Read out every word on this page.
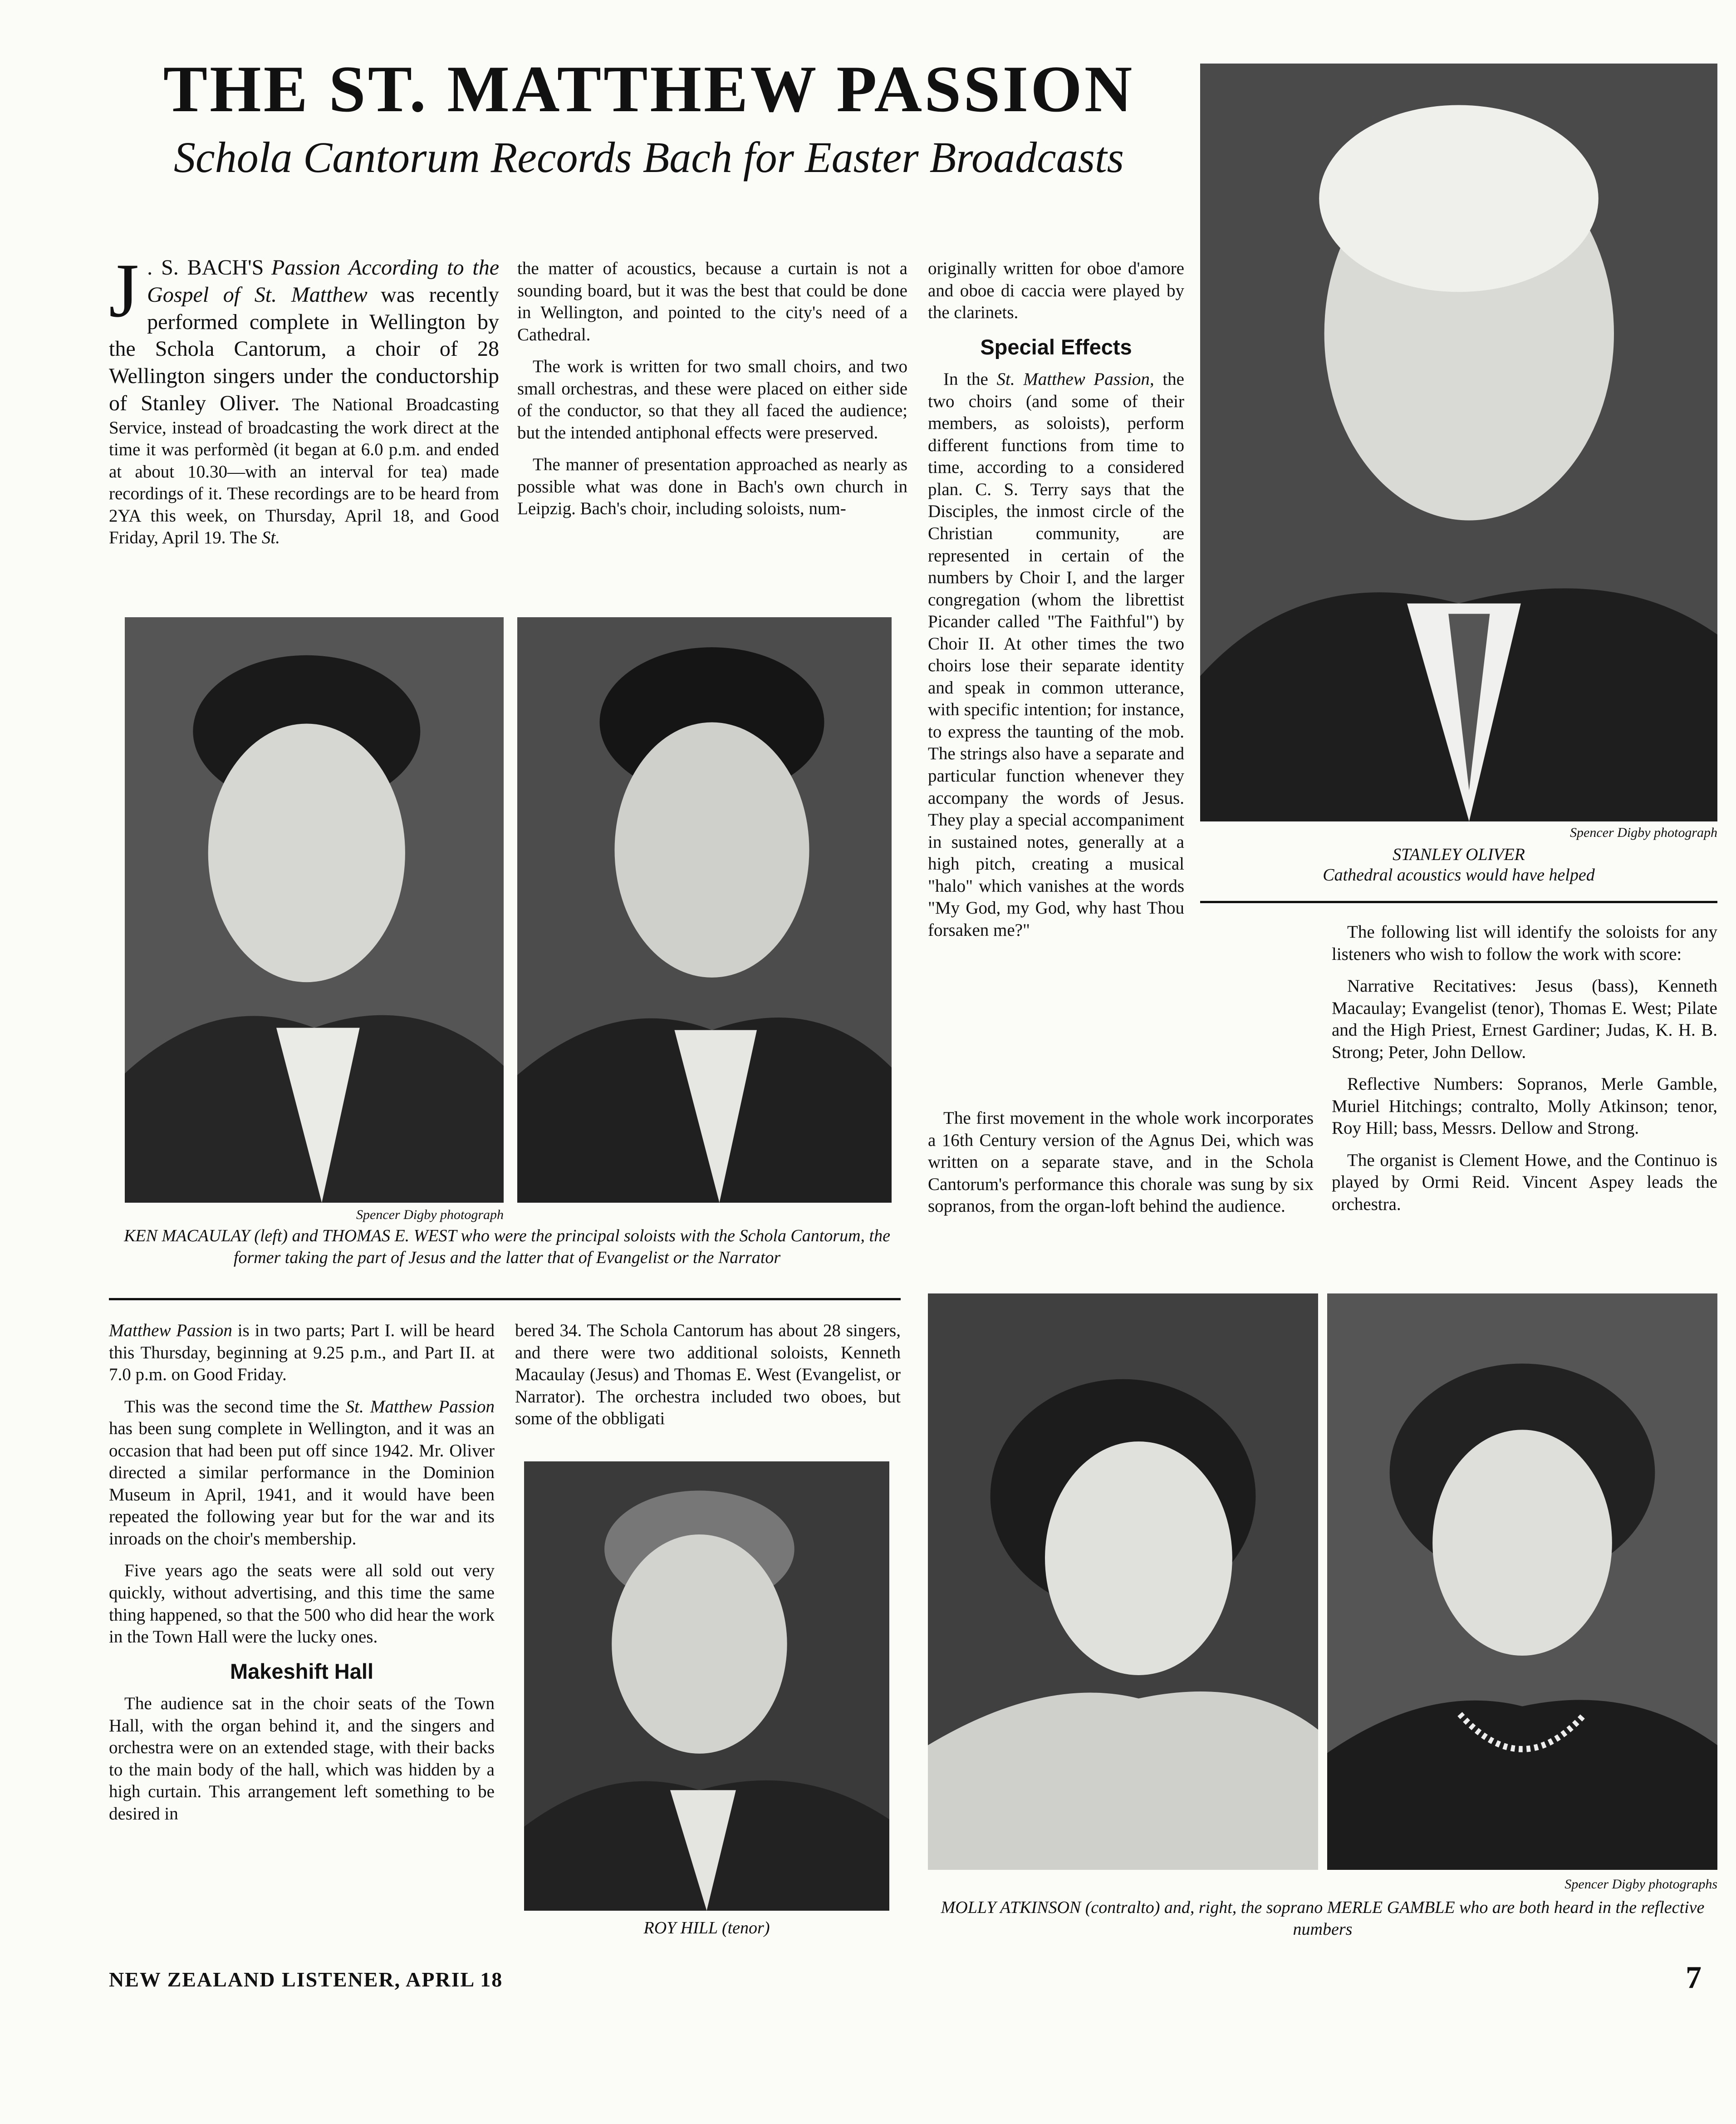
THE ST. MATTHEW PASSION
Schola Cantorum Records Bach for Easter Broadcasts

J . S. BACH'S Passion According to the Gospel of St. Matthew was recently performed complete in Wellington by the Schola Cantorum, a choir of 28 Wellington singers under the conductorship of Stanley Oliver. The National Broadcasting Service, instead of broadcasting the work direct at the time it was performèd (it began at 6.0 p.m. and ended at about 10.30—with an interval for tea) made recordings of it. These recordings are to be heard from 2YA this week, on Thursday, April 18, and Good Friday, April 19. The St.

the matter of acoustics, because a curtain is not a sounding board, but it was the best that could be done in Wellington, and pointed to the city's need of a Cathedral.

The work is written for two small choirs, and two small orchestras, and these were placed on either side of the conductor, so that they all faced the audience; but the intended antiphonal effects were preserved.

The manner of presentation approached as nearly as possible what was done in Bach's own church in Leipzig. Bach's choir, including soloists, num-

originally written for oboe d'amore and oboe di caccia were played by the clarinets.

Special Effects

In the St. Matthew Passion, the two choirs (and some of their members, as soloists), perform different functions from time to time, according to a considered plan. C. S. Terry says that the Disciples, the inmost circle of the Christian community, are represented in certain of the numbers by Choir I, and the larger congregation (whom the librettist Picander called "The Faithful") by Choir II. At other times the two choirs lose their separate identity and speak in common utterance, with specific intention; for instance, to express the taunting of the mob. The strings also have a separate and particular function whenever they accompany the words of Jesus. They play a special accompaniment in sustained notes, generally at a high pitch, creating a musical "halo" which vanishes at the words "My God, my God, why hast Thou forsaken me?"

The first movement in the whole work incorporates a 16th Century version of the Agnus Dei, which was written on a separate stave, and in the Schola Cantorum's performance this chorale was sung by six sopranos, from the organ-loft behind the audience.

Spencer Digby photograph
STANLEY OLIVER
Cathedral acoustics would have helped

The following list will identify the soloists for any listeners who wish to follow the work with score:

Narrative Recitatives: Jesus (bass), Kenneth Macaulay; Evangelist (tenor), Thomas E. West; Pilate and the High Priest, Ernest Gardiner; Judas, K. H. B. Strong; Peter, John Dellow.

Reflective Numbers: Sopranos, Merle Gamble, Muriel Hitchings; contralto, Molly Atkinson; tenor, Roy Hill; bass, Messrs. Dellow and Strong.

The organist is Clement Howe, and the Continuo is played by Ormi Reid. Vincent Aspey leads the orchestra.

Spencer Digby photograph
KEN MACAULAY (left) and THOMAS E. WEST who were the principal soloists with the Schola Cantorum, the former taking the part of Jesus and the latter that of Evangelist or the Narrator

Matthew Passion is in two parts; Part I. will be heard this Thursday, beginning at 9.25 p.m., and Part II. at 7.0 p.m. on Good Friday.

This was the second time the St. Matthew Passion has been sung complete in Wellington, and it was an occasion that had been put off since 1942. Mr. Oliver directed a similar performance in the Dominion Museum in April, 1941, and it would have been repeated the following year but for the war and its inroads on the choir's membership.

Five years ago the seats were all sold out very quickly, without advertising, and this time the same thing happened, so that the 500 who did hear the work in the Town Hall were the lucky ones.

Makeshift Hall

The audience sat in the choir seats of the Town Hall, with the organ behind it, and the singers and orchestra were on an extended stage, with their backs to the main body of the hall, which was hidden by a high curtain. This arrangement left something to be desired in

bered 34. The Schola Cantorum has about 28 singers, and there were two additional soloists, Kenneth Macaulay (Jesus) and Thomas E. West (Evangelist, or Narrator). The orchestra included two oboes, but some of the obbligati

ROY HILL (tenor)
Spencer Digby photographs
MOLLY ATKINSON (contralto) and, right, the soprano MERLE GAMBLE who are both heard in the reflective numbers
NEW ZEALAND LISTENER, APRIL 18	7
